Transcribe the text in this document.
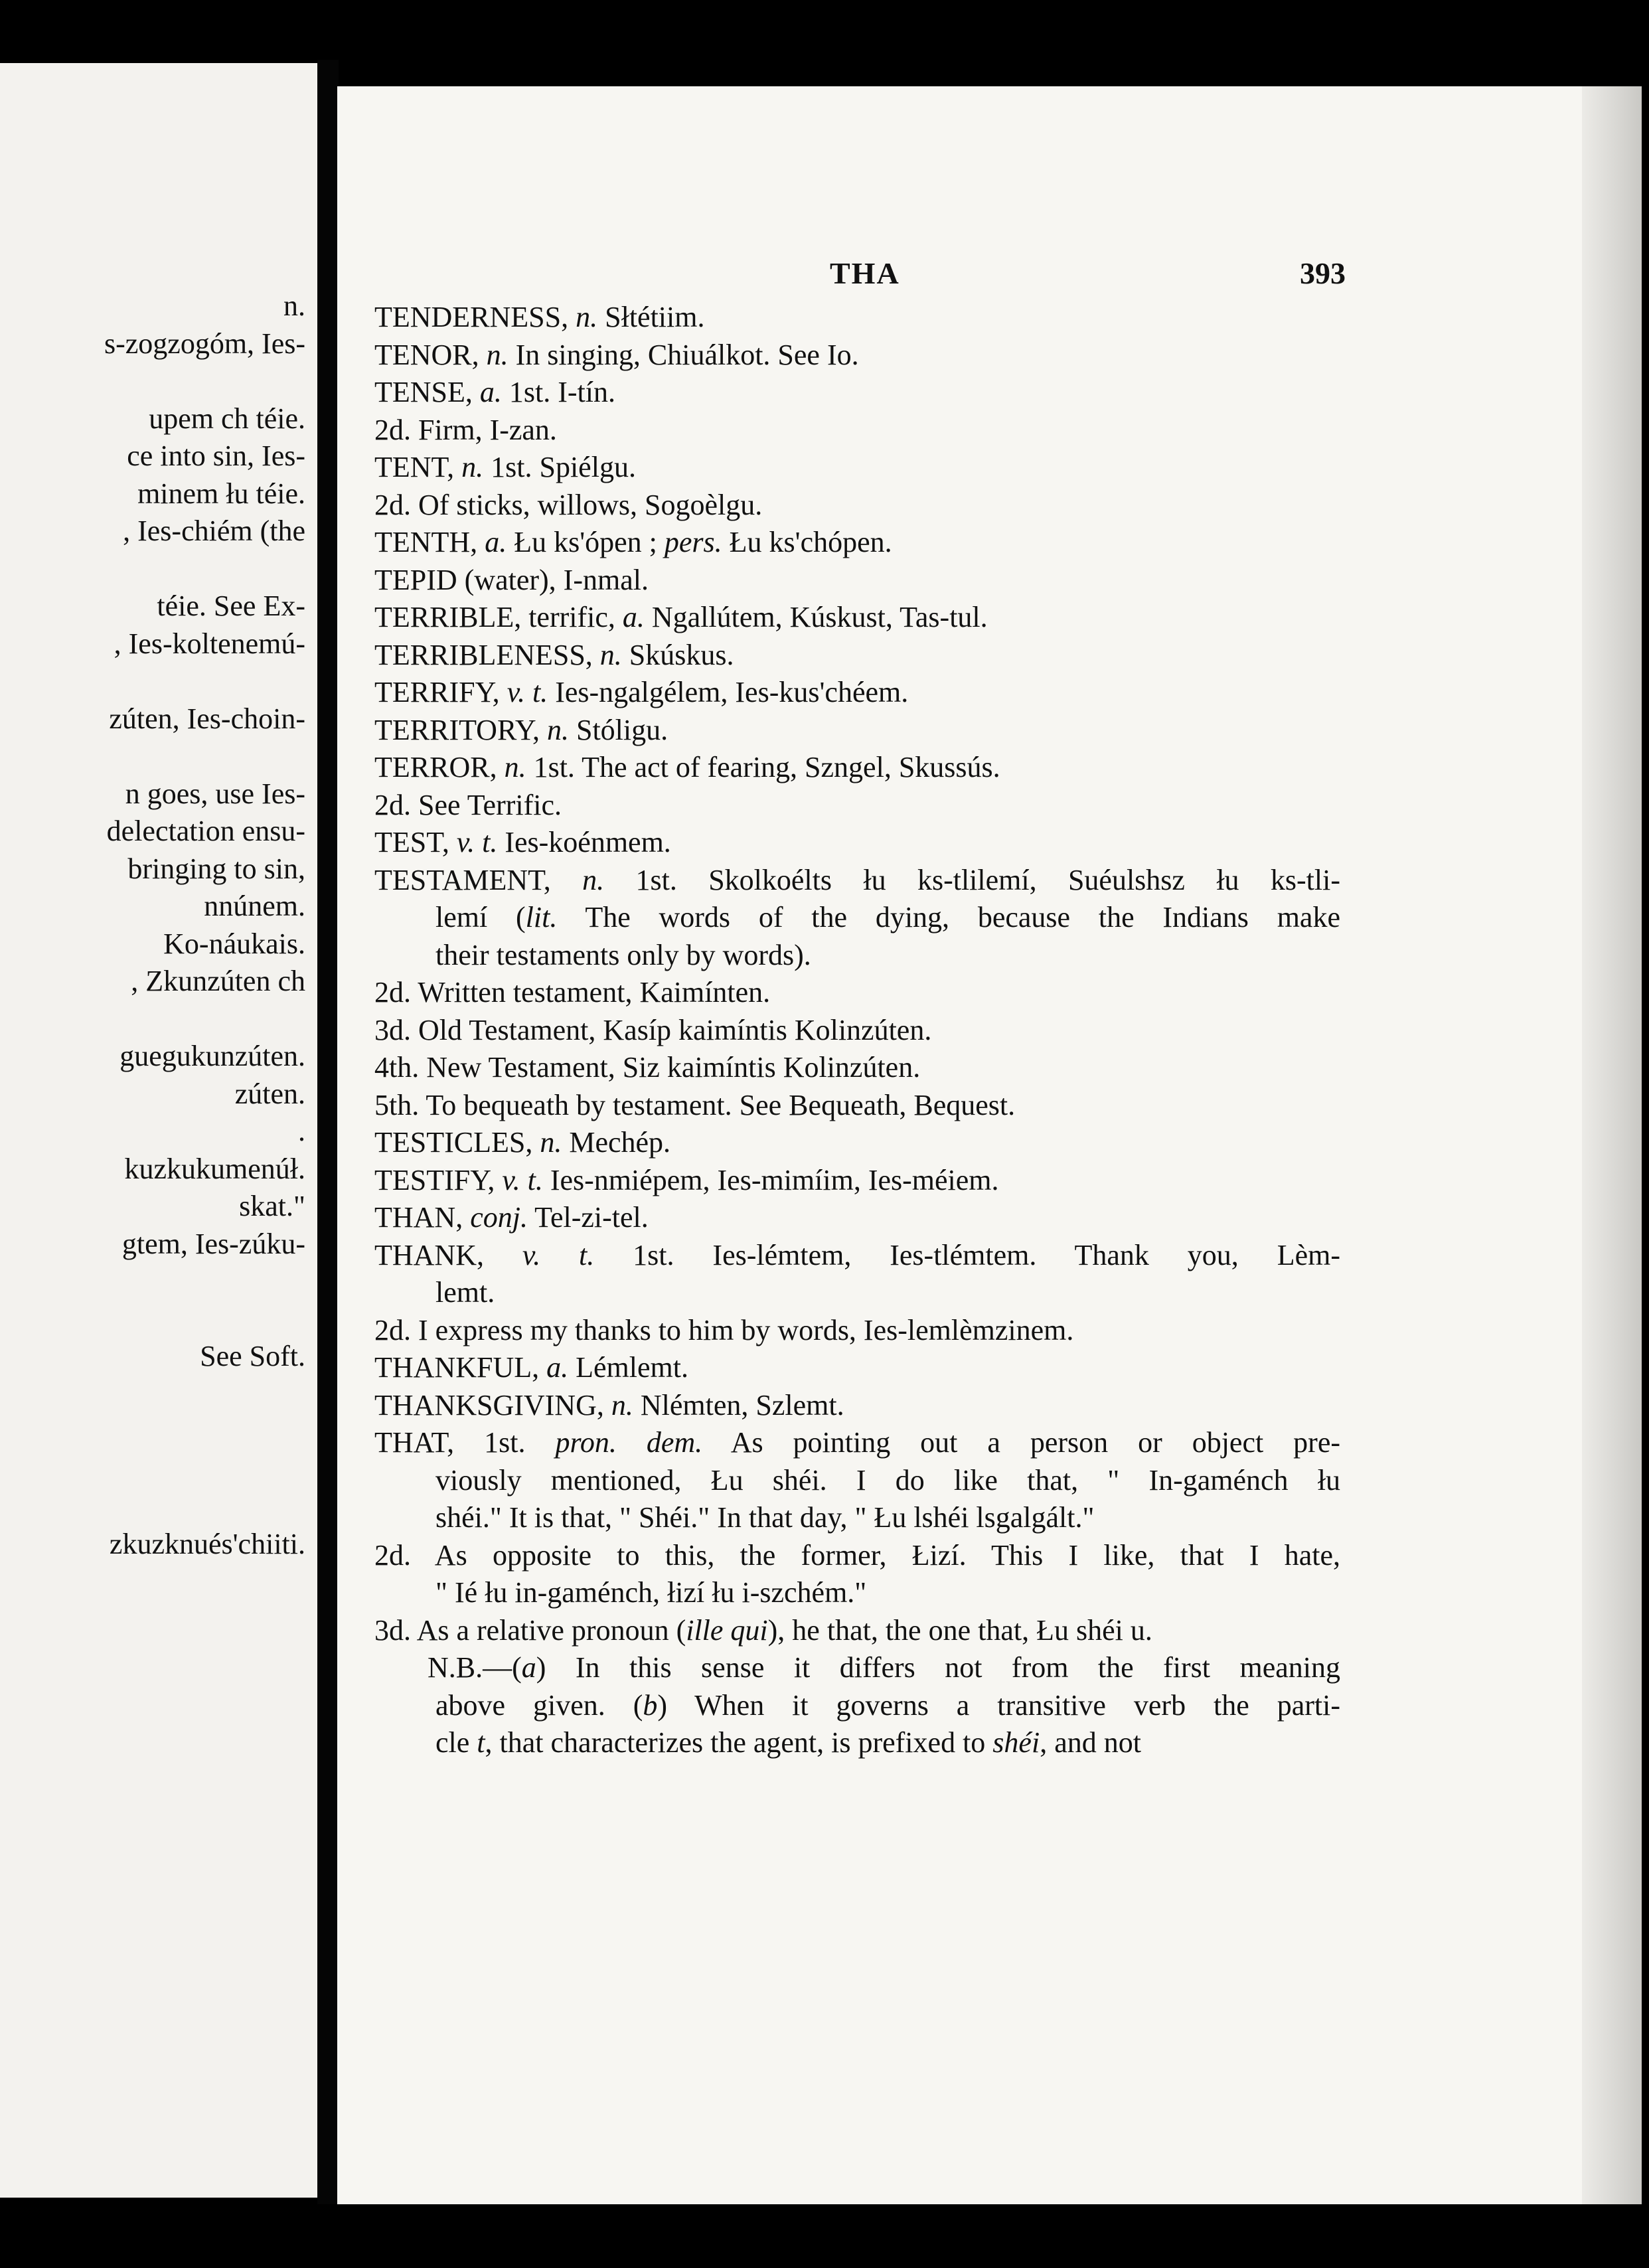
n.
s-zogzogóm, Ies-
upem ch téie.
ce into sin, Ies-
minem łu téie.
, Ies-chiém (the
téie. See Ex-
, Ies-koltenemú-
zúten, Ies-choin-
n goes, use Ies-
delectation ensu-
bringing to sin,
nnúnem.
Ko-náukais.
, Zkunzúten ch
guegukunzúten.
zúten.
.
kuzkukumenúł.
skat."
gtem, Ies-zúku-
See Soft.
zkuzknués'chiiti.
THA	393
TENDERNESS, n. Słtétiim.
TENOR, n. In singing, Chiuálkot. See Io.
TENSE, a. 1st. I-tín.
2d. Firm, I-zan.
TENT, n. 1st. Spiélgu.
2d. Of sticks, willows, Sogoèlgu.
TENTH, a. Łu ks'ópen ; pers. Łu ks'chópen.
TEPID (water), I-nmal.
TERRIBLE, terrific, a. Ngallútem, Kúskust, Tas-tul.
TERRIBLENESS, n. Skúskus.
TERRIFY, v. t. Ies-ngalgélem, Ies-kus'chéem.
TERRITORY, n. Stóligu.
TERROR, n. 1st. The act of fearing, Szngel, Skussús.
2d. See Terrific.
TEST, v. t. Ies-koénmem.
TESTAMENT, n. 1st. Skolkoélts łu ks-tlilemí, Suéulshsz łu ks-tli-
lemí (lit. The words of the dying, because the Indians make
their testaments only by words).
2d. Written testament, Kaimínten.
3d. Old Testament, Kasíp kaimíntis Kolinzúten.
4th. New Testament, Siz kaimíntis Kolinzúten.
5th. To bequeath by testament. See Bequeath, Bequest.
TESTICLES, n. Mechép.
TESTIFY, v. t. Ies-nmiépem, Ies-mimíim, Ies-méiem.
THAN, conj. Tel-zi-tel.
THANK, v. t. 1st. Ies-lémtem, Ies-tlémtem. Thank you, Lèm-
lemt.
2d. I express my thanks to him by words, Ies-lemlèmzinem.
THANKFUL, a. Lémlemt.
THANKSGIVING, n. Nlémten, Szlemt.
THAT, 1st. pron. dem. As pointing out a person or object pre-
viously mentioned, Łu shéi. I do like that, " In-gaménch łu
shéi." It is that, " Shéi." In that day, " Łu lshéi lsgalgált."
2d. As opposite to this, the former, Łizí. This I like, that I hate,
" Ié łu in-gaménch, łizí łu i-szchém."
3d. As a relative pronoun (ille qui), he that, the one that, Łu shéi u.
N.B.—(a) In this sense it differs not from the first meaning
above given. (b) When it governs a transitive verb the parti-
cle t, that characterizes the agent, is prefixed to shéi, and not
